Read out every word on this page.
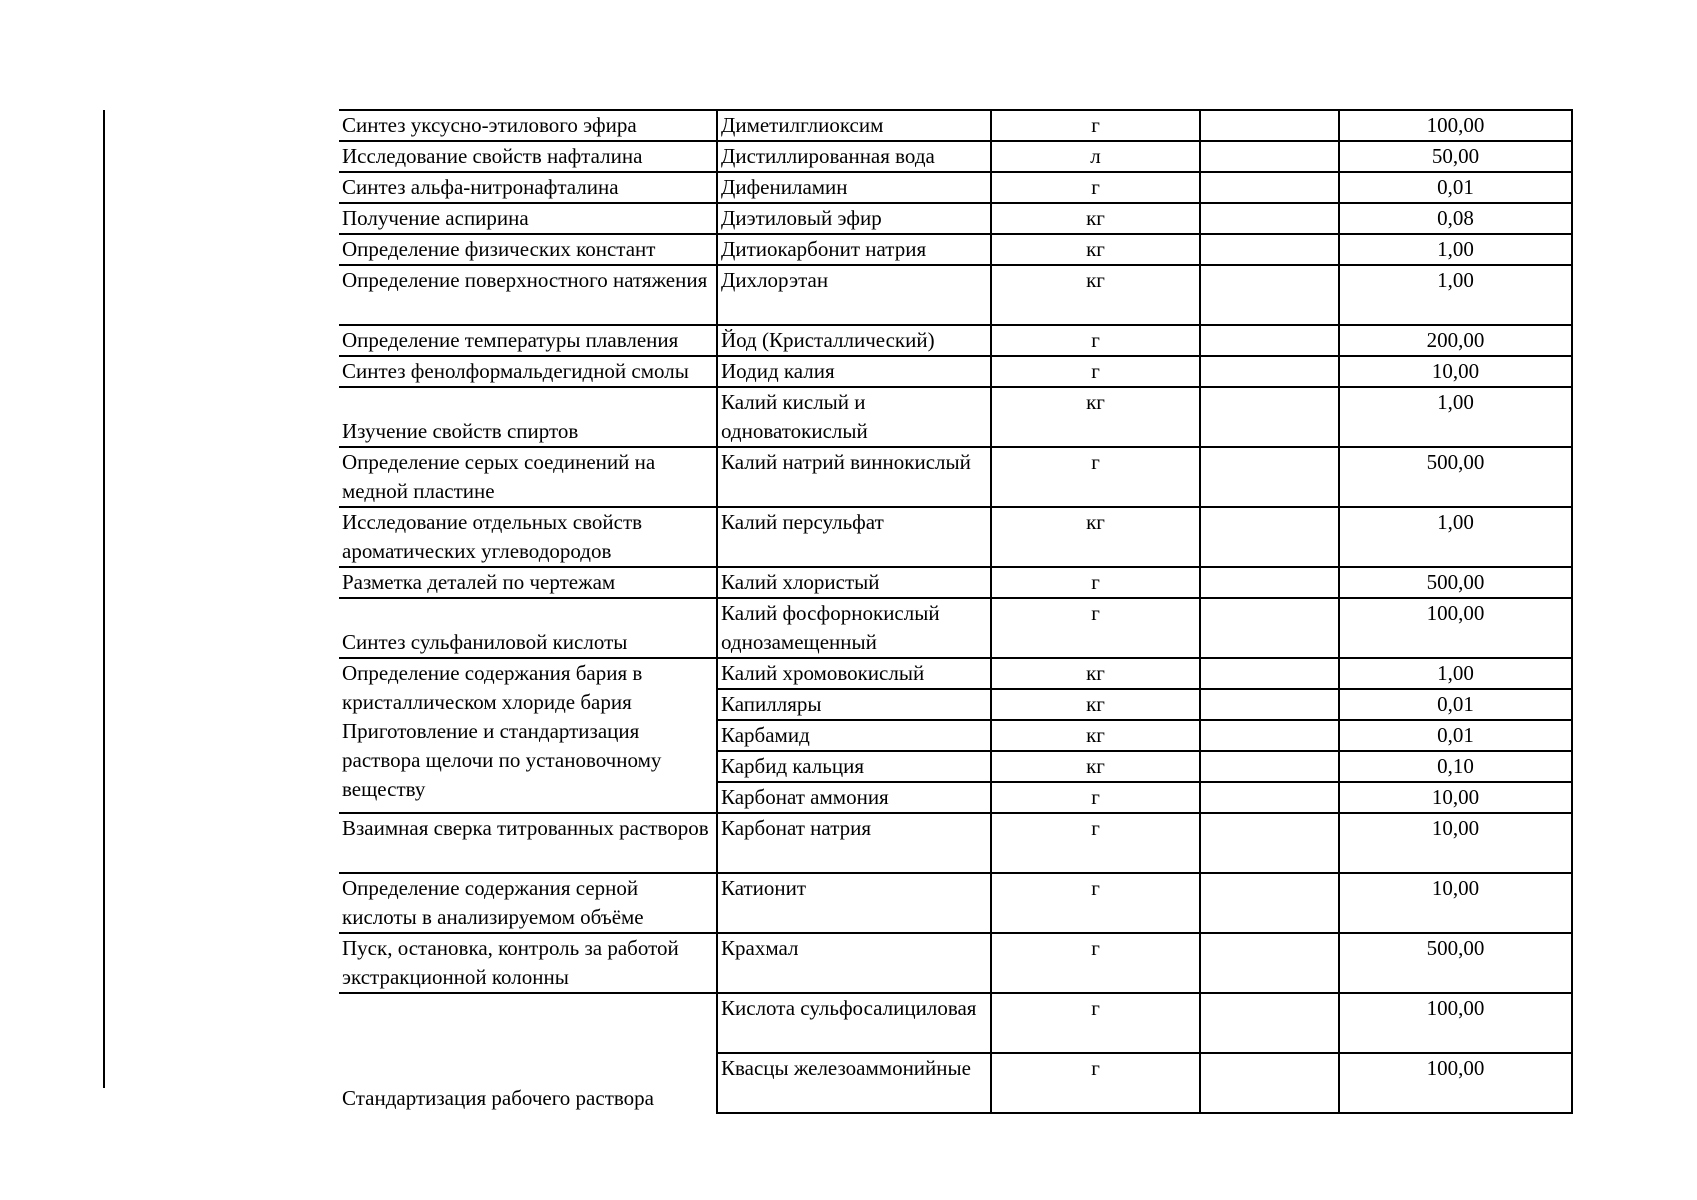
Синтез уксусно-этилового эфира	Диметилглиоксим	г		100,00
Исследование свойств нафталина	Дистиллированная вода	л		50,00
Синтез альфа-нитронафталина	Дифениламин	г		0,01
Получение аспирина	Диэтиловый эфир	кг		0,08
Определение физических констант	Дитиокарбонит натрия	кг		1,00
Определение поверхностного натяжения	Дихлорэтан	кг		1,00
Определение температуры плавления	Йод (Кристаллический)	г		200,00
Синтез фенолформальдегидной смолы	Иодид калия	г		10,00
Изучение свойств спиртов	Калий кислый и одноватокислый	кг		1,00
Определение серых соединений на медной пластине	Калий натрий виннокислый	г		500,00
Исследование отдельных свойств ароматических углеводородов	Калий персульфат	кг		1,00
Разметка деталей по чертежам	Калий хлористый	г		500,00
Синтез сульфаниловой кислоты	Калий фосфорнокислый однозамещенный	г		100,00
Определение содержания бария в кристаллическом хлориде бария Приготовление и стандартизация раствора щелочи по установочному веществу	Калий хромовокислый	кг		1,00
	Капилляры	кг		0,01
	Карбамид	кг		0,01
	Карбид кальция	кг		0,10
	Карбонат аммония	г		10,00
Взаимная сверка титрованных растворов	Карбонат натрия	г		10,00
Определение содержания серной кислоты в анализируемом объёме	Катионит	г		10,00
Пуск, остановка, контроль за работой экстракционной колонны	Крахмал	г		500,00
Стандартизация рабочего раствора	Кислота сульфосалициловая	г		100,00
	Квасцы железоаммонийные	г		100,00
